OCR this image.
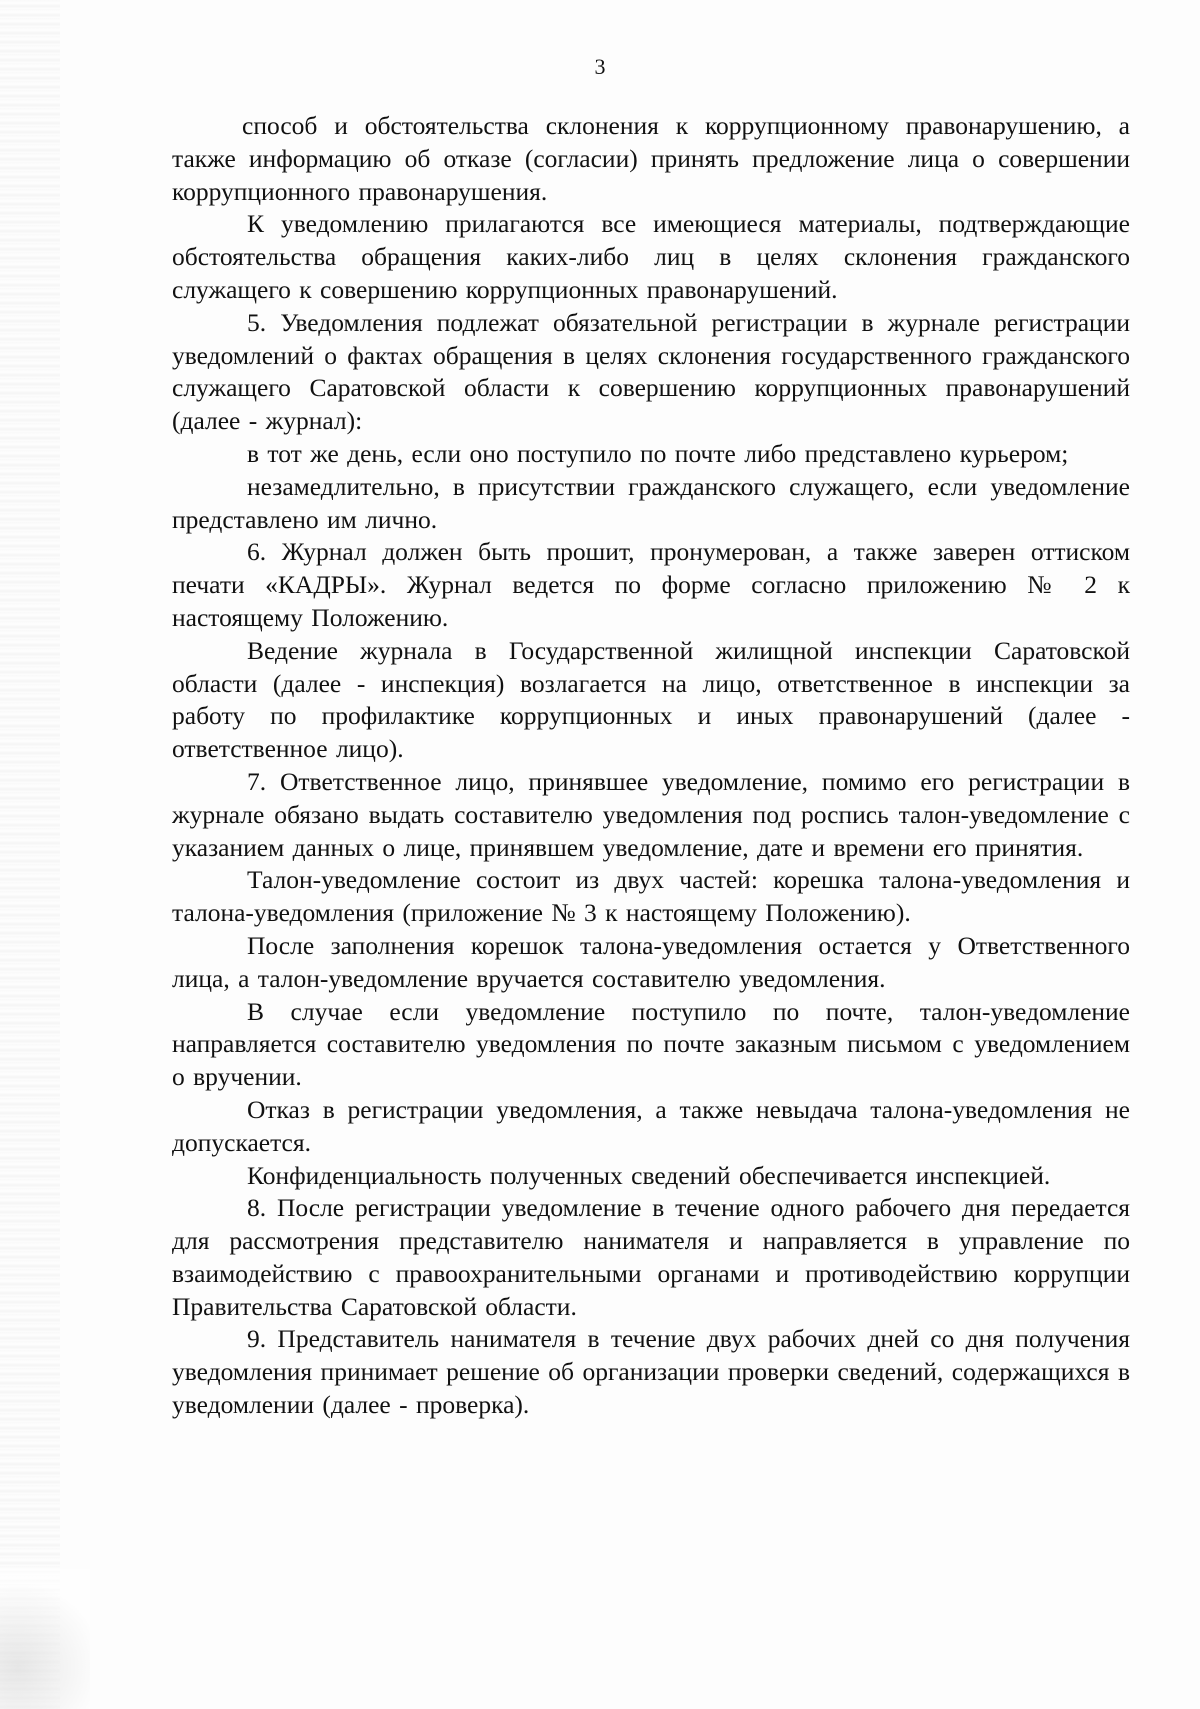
3

способ и обстоятельства склонения к коррупционному правонарушению, а также информацию об отказе (согласии) принять предложение лица о совершении коррупционного правонарушения.

К уведомлению прилагаются все имеющиеся материалы, подтверждающие обстоятельства обращения каких-либо лиц в целях склонения гражданского служащего к совершению коррупционных правонарушений.

5. Уведомления подлежат обязательной регистрации в журнале регистрации уведомлений о фактах обращения в целях склонения государственного гражданского служащего Саратовской области к совершению коррупционных правонарушений (далее - журнал):

в тот же день, если оно поступило по почте либо представлено курьером;

незамедлительно, в присутствии гражданского служащего, если уведомление представлено им лично.

6. Журнал должен быть прошит, пронумерован, а также заверен оттиском печати «КАДРЫ». Журнал ведется по форме согласно приложению № 2 к настоящему Положению.

Ведение журнала в Государственной жилищной инспекции Саратовской области (далее - инспекция) возлагается на лицо, ответственное в инспекции за работу по профилактике коррупционных и иных правонарушений (далее - ответственное лицо).

7. Ответственное лицо, принявшее уведомление, помимо его регистрации в журнале обязано выдать составителю уведомления под роспись талон-уведомление с указанием данных о лице, принявшем уведомление, дате и времени его принятия.

Талон-уведомление состоит из двух частей: корешка талона-уведомления и талона-уведомления (приложение № 3 к настоящему Положению).

После заполнения корешок талона-уведомления остается у Ответственного лица, а талон-уведомление вручается составителю уведомления.

В случае если уведомление поступило по почте, талон-уведомление направляется составителю уведомления по почте заказным письмом с уведомлением о вручении.

Отказ в регистрации уведомления, а также невыдача талона-уведомления не допускается.

Конфиденциальность полученных сведений обеспечивается инспекцией.

8. После регистрации уведомление в течение одного рабочего дня передается для рассмотрения представителю нанимателя и направляется в управление по взаимодействию с правоохранительными органами и противодействию коррупции Правительства Саратовской области.

9. Представитель нанимателя в течение двух рабочих дней со дня получения уведомления принимает решение об организации проверки сведений, содержащихся в уведомлении (далее - проверка).
